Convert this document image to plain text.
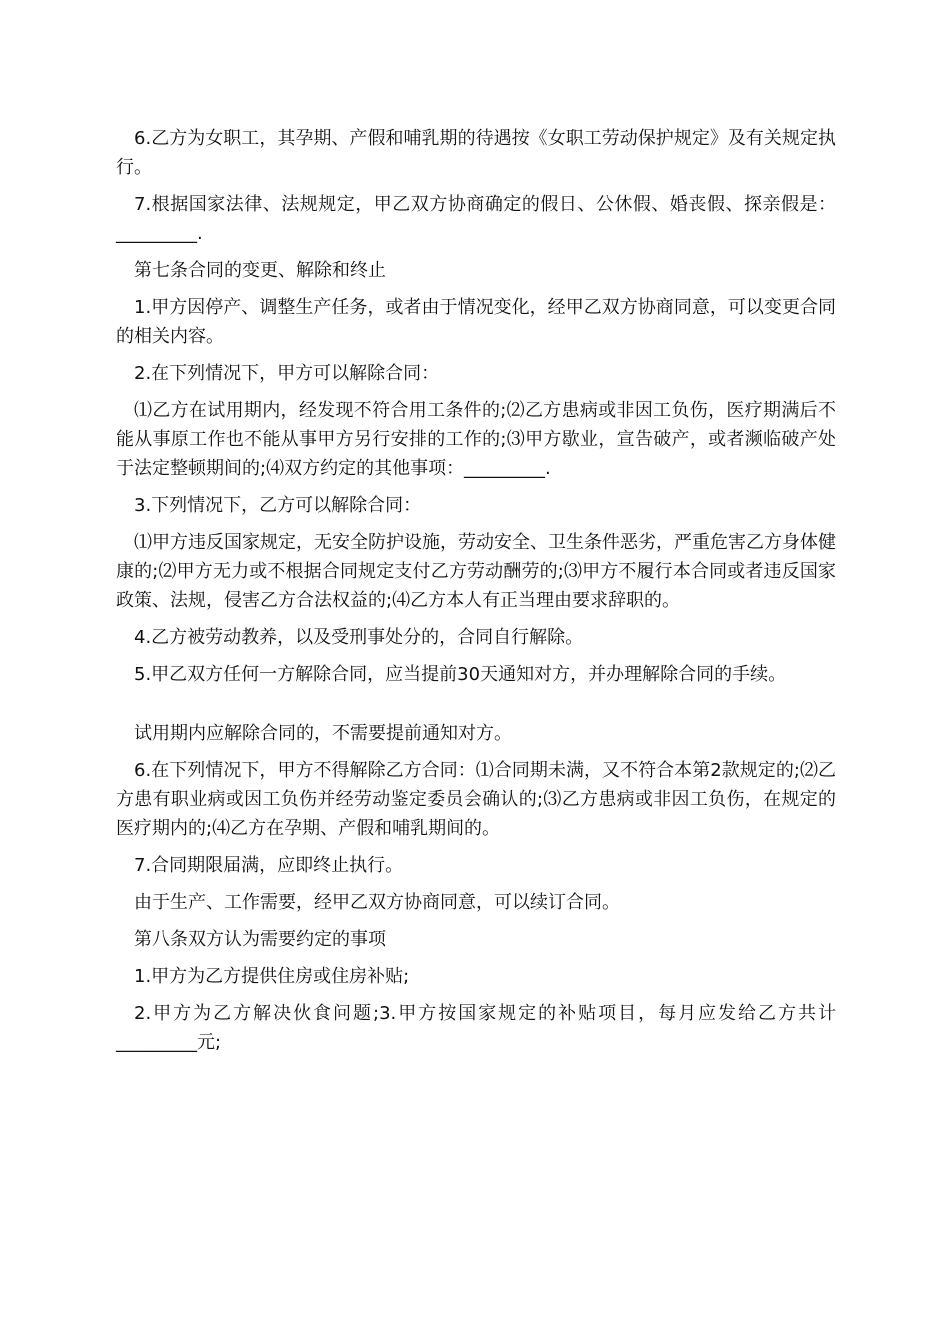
6.乙方为女职工，其孕期、产假和哺乳期的待遇按《女职工劳动保护规定》及有关规定执行。

7.根据国家法律、法规规定，甲乙双方协商确定的假日、公休假、婚丧假、探亲假是：_________.

第七条合同的变更、解除和终止

1.甲方因停产、调整生产任务，或者由于情况变化，经甲乙双方协商同意，可以变更合同的相关内容。

2.在下列情况下，甲方可以解除合同：

⑴乙方在试用期内，经发现不符合用工条件的;⑵乙方患病或非因工负伤，医疗期满后不能从事原工作也不能从事甲方另行安排的工作的;⑶甲方歇业，宣告破产，或者濒临破产处于法定整顿期间的;⑷双方约定的其他事项：_________.

3.下列情况下，乙方可以解除合同：

⑴甲方违反国家规定，无安全防护设施，劳动安全、卫生条件恶劣，严重危害乙方身体健康的;⑵甲方无力或不根据合同规定支付乙方劳动酬劳的;⑶甲方不履行本合同或者违反国家政策、法规，侵害乙方合法权益的;⑷乙方本人有正当理由要求辞职的。

4.乙方被劳动教养，以及受刑事处分的，合同自行解除。

5.甲乙双方任何一方解除合同，应当提前30天通知对方，并办理解除合同的手续。

试用期内应解除合同的，不需要提前通知对方。

6.在下列情况下，甲方不得解除乙方合同：⑴合同期未满，又不符合本第2款规定的;⑵乙方患有职业病或因工负伤并经劳动鉴定委员会确认的;⑶乙方患病或非因工负伤，在规定的医疗期内的;⑷乙方在孕期、产假和哺乳期间的。

7.合同期限届满，应即终止执行。

由于生产、工作需要，经甲乙双方协商同意，可以续订合同。

第八条双方认为需要约定的事项

1.甲方为乙方提供住房或住房补贴;

2.甲方为乙方解决伙食问题;3.甲方按国家规定的补贴项目，每月应发给乙方共计_________元;
